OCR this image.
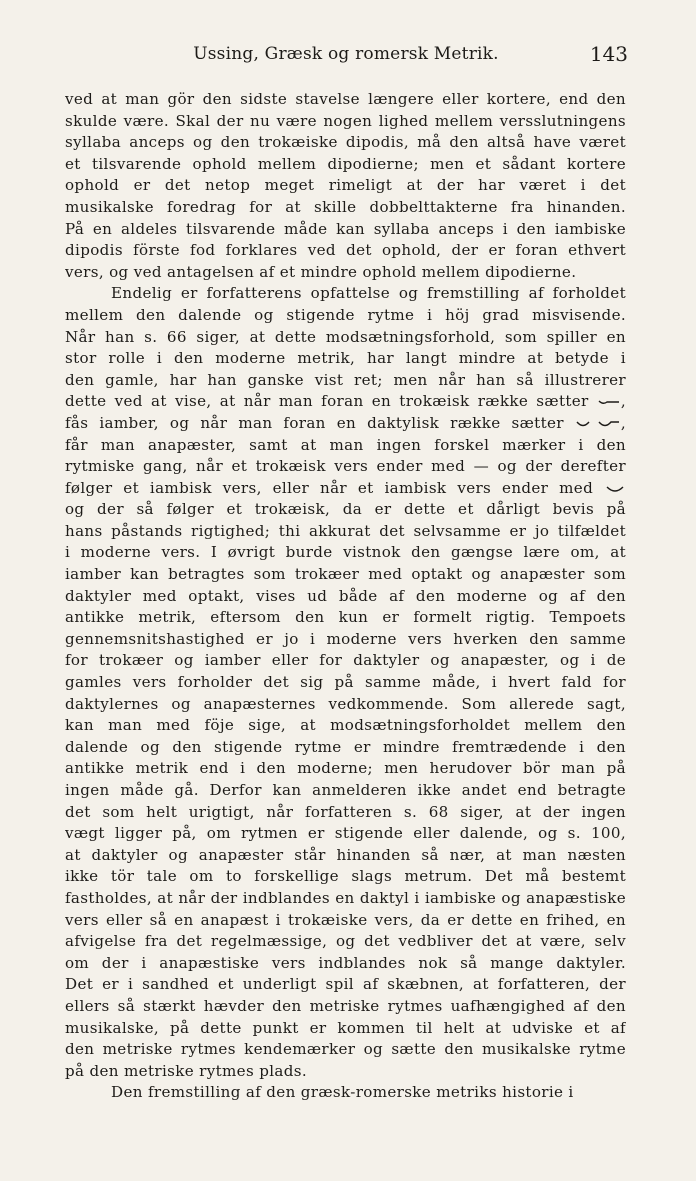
Ussing, Græsk og romersk Metrik.	143
ved at man gör den sidste stavelse længere eller kortere, end den
skulde være. Skal der nu være nogen lighed mellem versslutningens
syllaba anceps og den trokæiske dipodis, må den altså have været
et tilsvarende ophold mellem dipodierne; men et sådant kortere
ophold er det netop meget rimeligt at der har været i det
musikalske foredrag for at skille dobbelttakterne fra hinanden.
På en aldeles tilsvarende måde kan syllaba anceps i den iambiske
dipodis förste fod forklares ved det ophold, der er foran ethvert
vers, og ved antagelsen af et mindre ophold mellem dipodierne.
Endelig er forfatterens opfattelse og fremstilling af forholdet
mellem den dalende og stigende rytme i höj grad misvisende.
Når han s. 66 siger, at dette modsætningsforhold, som spiller en
stor rolle i den moderne metrik, har langt mindre at betyde i
den gamle, har han ganske vist ret; men når han så illustrerer
dette ved at vise, at når man foran en trokæisk række sætter ,
fås iamber, og når man foran en daktylisk række sætter	,
får man anapæster, samt at man ingen forskel mærker i den
rytmiske gang, når et trokæisk vers ender med — og der derefter
følger et iambisk vers, eller når et iambisk vers ender med
og der så følger et trokæisk, da er dette et dårligt bevis på
hans påstands rigtighed; thi akkurat det selvsamme er jo tilfældet
i moderne vers. I øvrigt burde vistnok den gængse lære om, at
iamber kan betragtes som trokæer med optakt og anapæster som
daktyler med optakt, vises ud både af den moderne og af den
antikke metrik, eftersom den kun er formelt rigtig. Tempoets
gennemsnitshastighed er jo i moderne vers hverken den samme
for trokæer og iamber eller for daktyler og anapæster, og i de
gamles vers forholder det sig på samme måde, i hvert fald for
daktylernes og anapæsternes vedkommende. Som allerede sagt,
kan man med föje sige, at modsætningsforholdet mellem den
dalende og den stigende rytme er mindre fremtrædende i den
antikke metrik end i den moderne; men herudover bör man på
ingen måde gå. Derfor kan anmelderen ikke andet end betragte
det som helt urigtigt, når forfatteren s. 68 siger, at der ingen
vægt ligger på, om rytmen er stigende eller dalende, og s. 100,
at daktyler og anapæster står hinanden så nær, at man næsten
ikke tör tale om to forskellige slags metrum. Det må bestemt
fastholdes, at når der indblandes en daktyl i iambiske og anapæstiske
vers eller så en anapæst i trokæiske vers, da er dette en frihed, en
afvigelse fra det regelmæssige, og det vedbliver det at være, selv
om der i anapæstiske vers indblandes nok så mange daktyler.
Det er i sandhed et underligt spil af skæbnen, at forfatteren, der
ellers så stærkt hævder den metriske rytmes uafhængighed af den
musikalske, på dette punkt er kommen til helt at udviske et af
den metriske rytmes kendemærker og sætte den musikalske rytme
på den metriske rytmes plads.
Den fremstilling af den græsk-romerske metriks historie i
